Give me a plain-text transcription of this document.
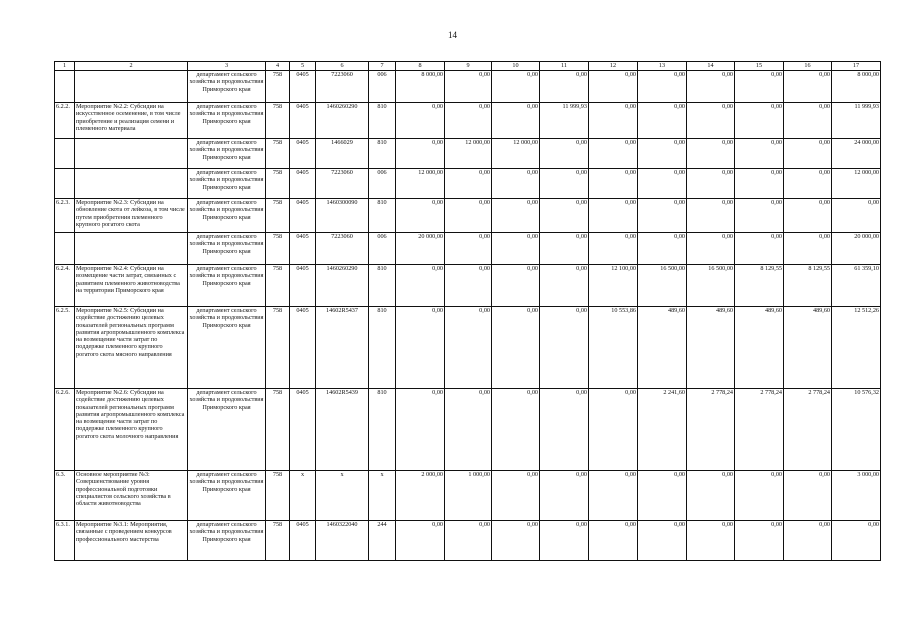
14
1	2	3	4	5	6	7	8	9	10	11	12	13	14	15	16	17
		департамент сельского хозяйства и продовольствия Приморского края	758	0405	7223060	006	8 000,00	0,00	0,00	0,00	0,00	0,00	0,00	0,00	0,00	8 000,00
6.2.2.	Мероприятие №2.2: Субсидии на искусственное осеменение, в том числе приобретение и реализация семени и племенного материала	департамент сельского хозяйства и продовольствия Приморского края	758	0405	1460260290	810	0,00	0,00	0,00	11 999,93	0,00	0,00	0,00	0,00	0,00	11 999,93
		департамент сельского хозяйства и продовольствия Приморского края	758	0405	1466029	810	0,00	12 000,00	12 000,00	0,00	0,00	0,00	0,00	0,00	0,00	24 000,00
		департамент сельского хозяйства и продовольствия Приморского края	758	0405	7223060	006	12 000,00	0,00	0,00	0,00	0,00	0,00	0,00	0,00	0,00	12 000,00
6.2.3.	Мероприятие №2.3: Субсидии на обновление скота от лейкоза, в том числе путем приобретения племенного крупного рогатого скота	департамент сельского хозяйства и продовольствия Приморского края	758	0405	1460300090	810	0,00	0,00	0,00	0,00	0,00	0,00	0,00	0,00	0,00	0,00
		департамент сельского хозяйства и продовольствия Приморского края	758	0405	7223060	006	20 000,00	0,00	0,00	0,00	0,00	0,00	0,00	0,00	0,00	20 000,00
6.2.4.	Мероприятие №2.4: Субсидии на возмещение части затрат, связанных с развитием племенного животноводства на территории Приморского края	департамент сельского хозяйства и продовольствия Приморского края	758	0405	1460260290	810	0,00	0,00	0,00	0,00	12 100,00	16 500,00	16 500,00	8 129,55	8 129,55	61 359,10
6.2.5.	Мероприятие №2.5: Субсидии на содействие достижению целевых показателей региональных программ развития агропромышленного комплекса на возмещение части затрат по поддержке племенного крупного рогатого скота мясного направления	департамент сельского хозяйства и продовольствия Приморского края	758	0405	14602R5437	810	0,00	0,00	0,00	0,00	10 553,86	489,60	489,60	489,60	489,60	12 512,26
6.2.6.	Мероприятие №2.6: Субсидии на содействие достижению целевых показателей региональных программ развития агропромышленного комплекса на возмещение части затрат по поддержке племенного крупного рогатого скота молочного направления	департамент сельского хозяйства и продовольствия Приморского края	758	0405	14602R5439	810	0,00	0,00	0,00	0,00	0,00	2 241,60	2 778,24	2 778,24	2 778,24	10 576,32
6.3.	Основное мероприятие №3: Совершенствование уровня профессиональной подготовки специалистов сельского хозяйства в области животноводства	департамент сельского хозяйства и продовольствия Приморского края	758	х	х	х	2 000,00	1 000,00	0,00	0,00	0,00	0,00	0,00	0,00	0,00	3 000,00
6.3.1.	Мероприятие №3.1: Мероприятия, связанные с проведением конкурсов профессионального мастерства	департамент сельского хозяйства и продовольствия Приморского края	758	0405	1460322040	244	0,00	0,00	0,00	0,00	0,00	0,00	0,00	0,00	0,00	0,00
